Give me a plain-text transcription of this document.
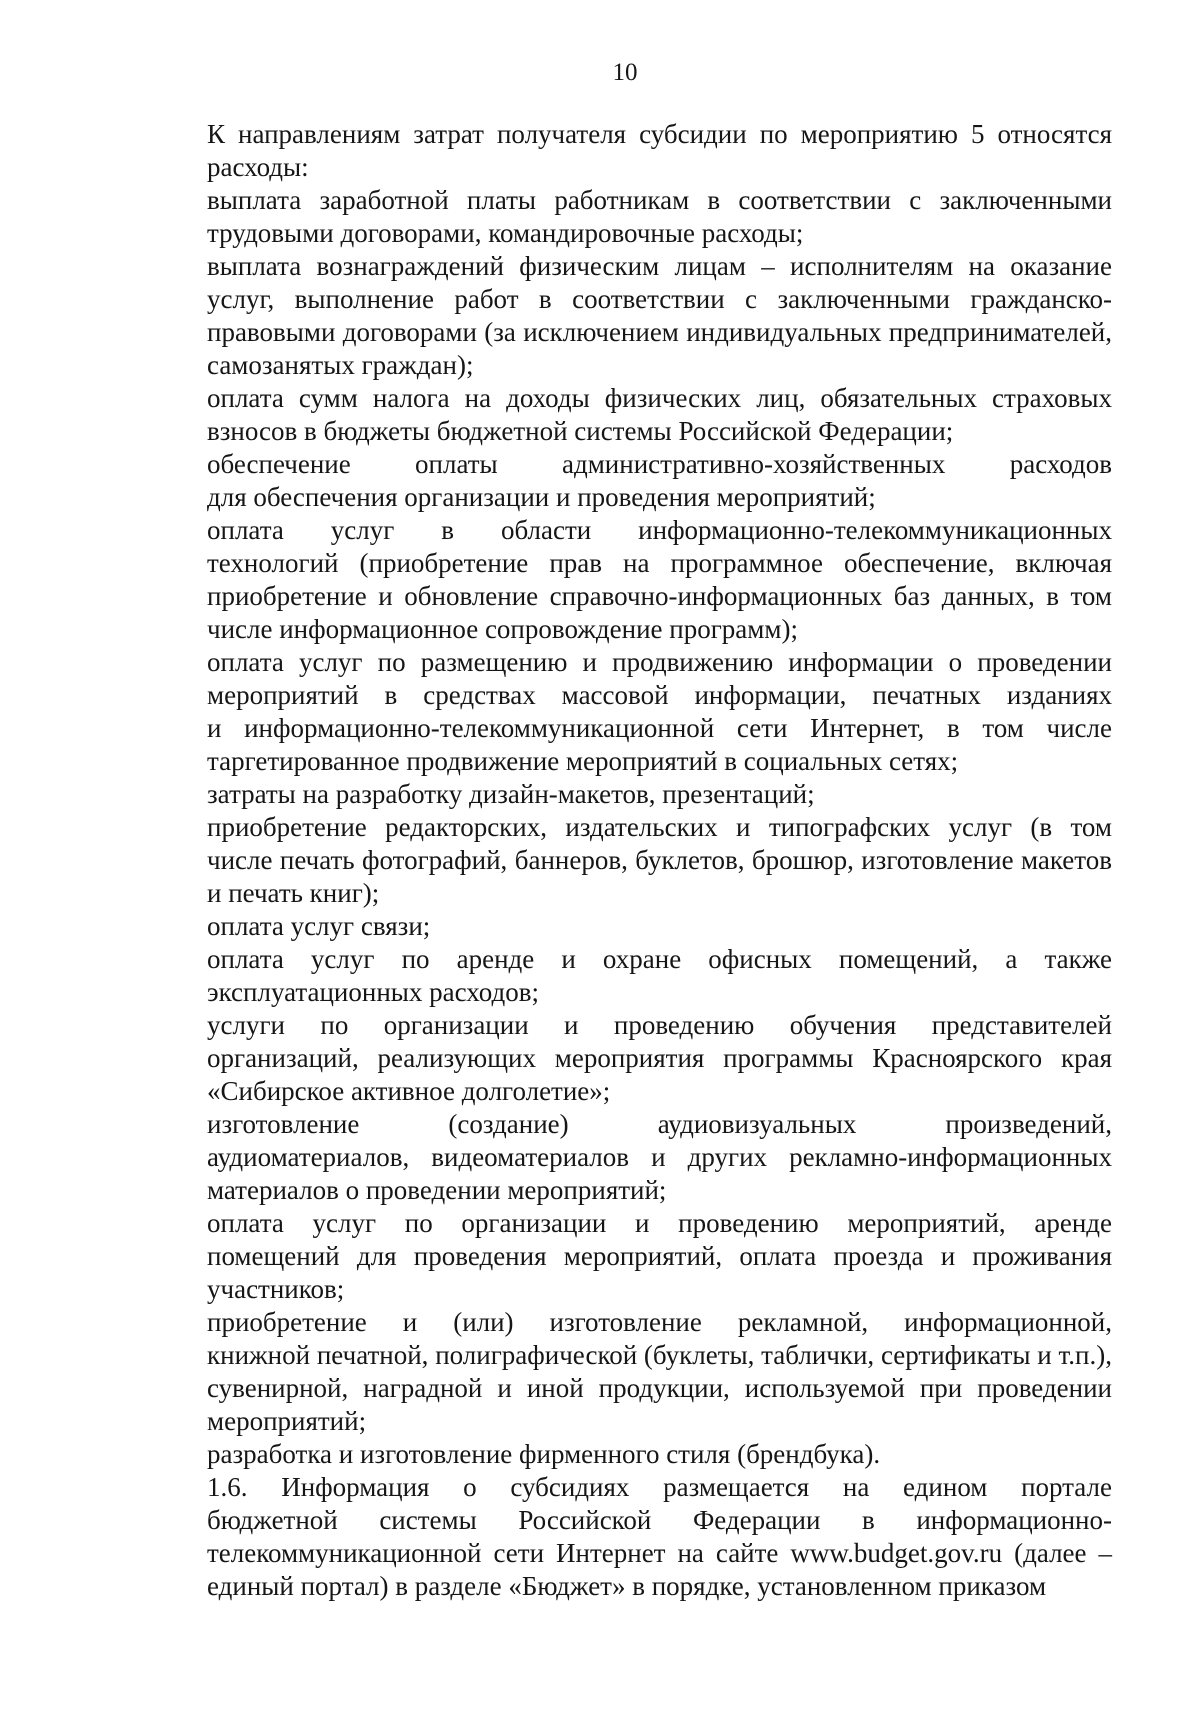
10

К направлениям затрат получателя субсидии по мероприятию 5 относятся
расходы:

выплата заработной платы работникам в соответствии с заключенными
трудовыми договорами, командировочные расходы;

выплата вознаграждений физическим лицам – исполнителям на оказание
услуг, выполнение работ в соответствии с заключенными гражданско-
правовыми договорами (за исключением индивидуальных предпринимателей,
самозанятых граждан);

оплата сумм налога на доходы физических лиц, обязательных страховых
взносов в бюджеты бюджетной системы Российской Федерации;

обеспечение оплаты административно-хозяйственных расходов
для обеспечения организации и проведения мероприятий;

оплата услуг в области информационно-телекоммуникационных
технологий (приобретение прав на программное обеспечение, включая
приобретение и обновление справочно-информационных баз данных, в том
числе информационное сопровождение программ);

оплата услуг по размещению и продвижению информации о проведении
мероприятий в средствах массовой информации, печатных изданиях
и информационно-телекоммуникационной сети Интернет, в том числе
таргетированное продвижение мероприятий в социальных сетях;

затраты на разработку дизайн-макетов, презентаций;

приобретение редакторских, издательских и типографских услуг (в том
числе печать фотографий, баннеров, буклетов, брошюр, изготовление макетов
и печать книг);

оплата услуг связи;

оплата услуг по аренде и охране офисных помещений, а также
эксплуатационных расходов;

услуги по организации и проведению обучения представителей
организаций, реализующих мероприятия программы Красноярского края
«Сибирское активное долголетие»;

изготовление (создание) аудиовизуальных произведений,
аудиоматериалов, видеоматериалов и других рекламно-информационных
материалов о проведении мероприятий;

оплата услуг по организации и проведению мероприятий, аренде
помещений для проведения мероприятий, оплата проезда и проживания
участников;

приобретение и (или) изготовление рекламной, информационной,
книжной печатной, полиграфической (буклеты, таблички, сертификаты и т.п.),
сувенирной, наградной и иной продукции, используемой при проведении
мероприятий;

разработка и изготовление фирменного стиля (брендбука).

1.6. Информация о субсидиях размещается на едином портале
бюджетной системы Российской Федерации в информационно-
телекоммуникационной сети Интернет на сайте www.budget.gov.ru (далее –
единый портал) в разделе «Бюджет» в порядке, установленном приказом
